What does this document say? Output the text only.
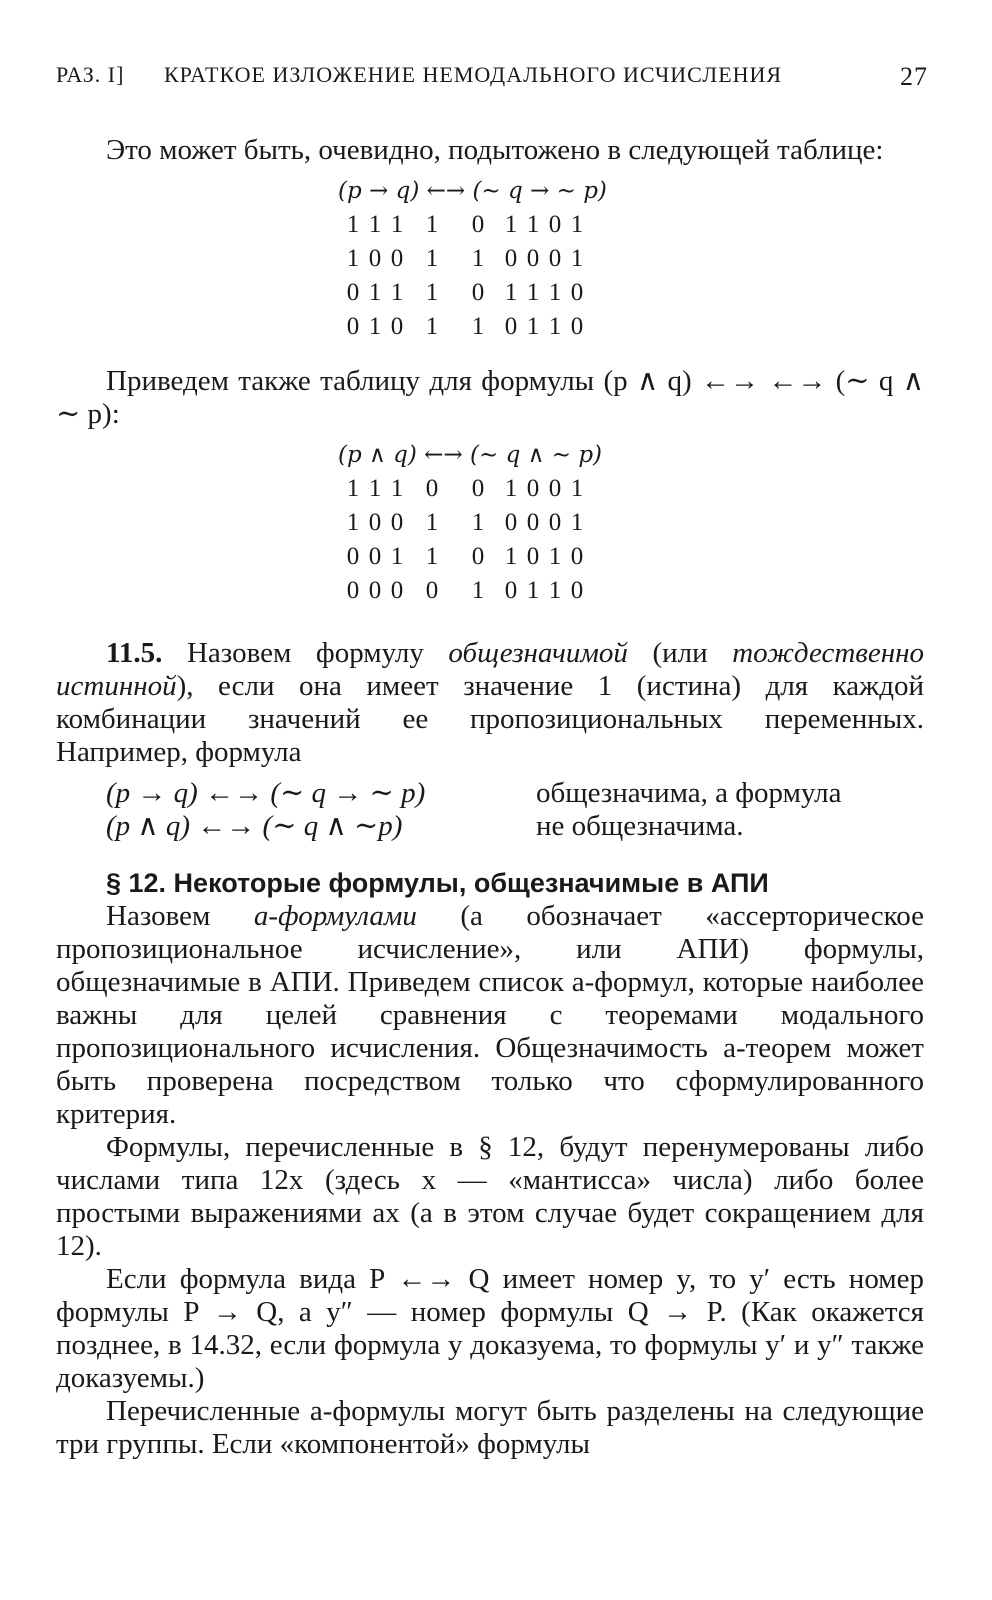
РАЗ. I] КРАТКОЕ ИЗЛОЖЕНИЕ НЕМОДАЛЬНОГО ИСЧИСЛЕНИЯ	27

Это может быть, очевидно, подытожено в следующей таблице:

(p → q) ←→ (∼ q → ∼ p)
1	1	1	1	0	1	1	0	1
1	0	0	1	1	0	0	0	1
0	1	1	1	0	1	1	1	0
0	1	0	1	1	0	1	1	0

Приведем также таблицу для формулы (p ∧ q) ←→ ←→ (∼ q ∧ ∼ p):

(p ∧ q) ←→ (∼ q ∧ ∼ p)
1	1	1	0	0	1	0	0	1
1	0	0	1	1	0	0	0	1
0	0	1	1	0	1	0	1	0
0	0	0	0	1	0	1	1	0

11.5. Назовем формулу общезначимой (или тождественно истинной), если она имеет значение 1 (истина) для каждой комбинации значений ее пропозициональных переменных. Например, формула

(p → q) ←→ (∼ q → ∼ p)	общезначима, а формула
(p ∧ q) ←→ (∼ q ∧ ∼p)	не общезначима.
§ 12. Некоторые формулы, общезначимые в АПИ

Назовем a-формулами (a обозначает «ассерторическое пропозициональное исчисление», или АПИ) формулы, общезначимые в АПИ. Приведем список a-формул, которые наиболее важны для целей сравнения с теоремами модального пропозиционального исчисления. Общезначимость a-теорем может быть проверена посредством только что сформулированного критерия.

Формулы, перечисленные в § 12, будут перенумерованы либо числами типа 12x (здесь x — «мантисса» числа) либо более простыми выражениями ax (a в этом случае будет сокращением для 12).

Если формула вида P ←→ Q имеет номер y, то y′ есть номер формулы P → Q, а y″ — номер формулы Q → P. (Как окажется позднее, в 14.32, если формула y доказуема, то формулы y′ и y″ также доказуемы.)

Перечисленные a-формулы могут быть разделены на следующие три группы. Если «компонентой» формулы
